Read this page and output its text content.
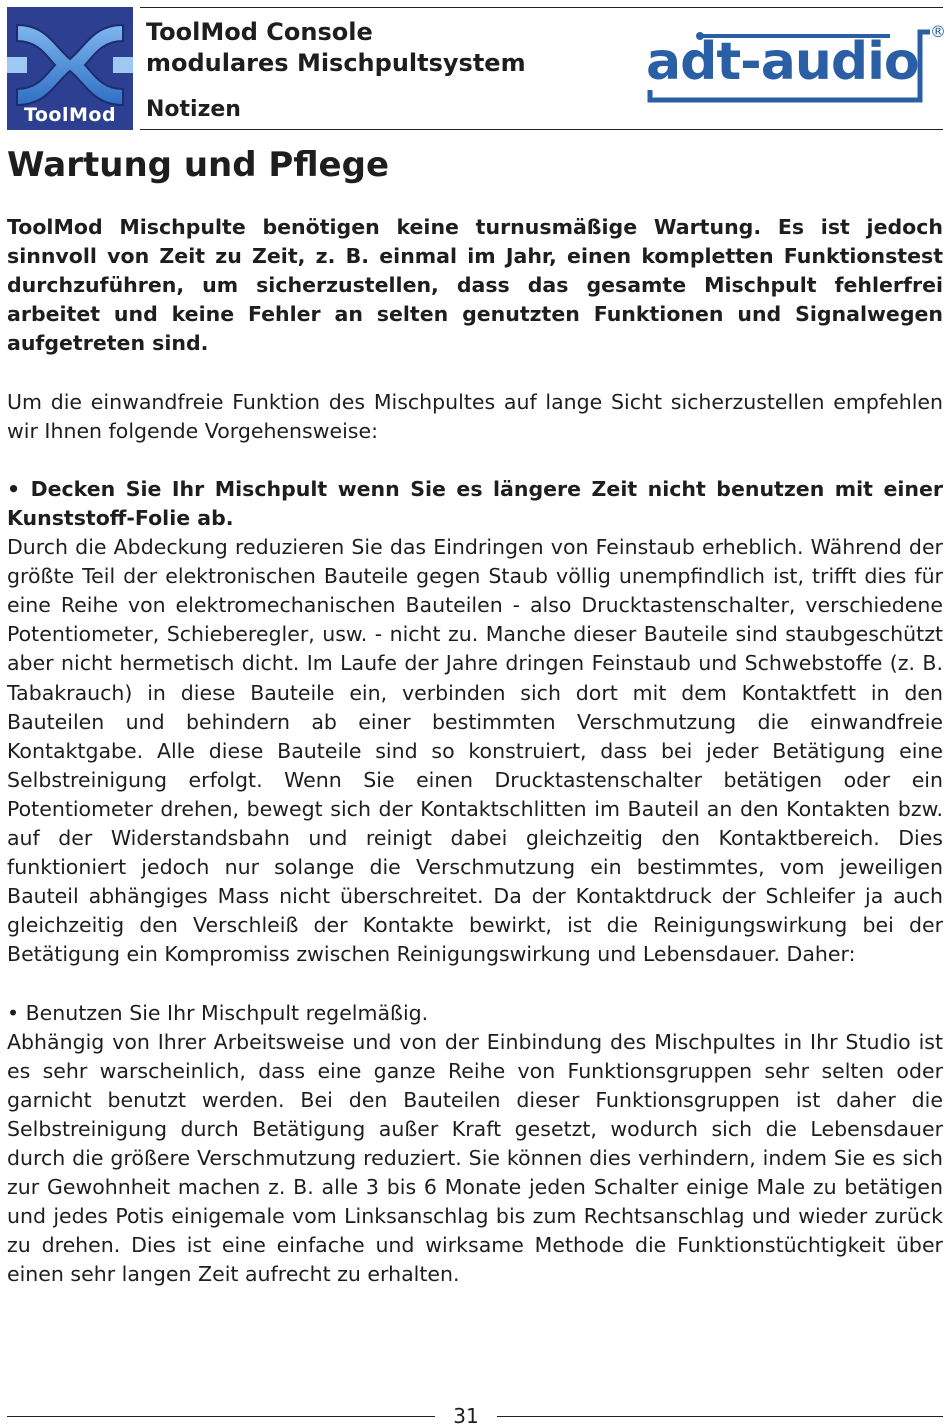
ToolMod
®
ToolMod Console
modulares Mischpultsystem
Notizen
adt-audio
®
Wartung und Pflege

ToolMod Mischpulte benötigen keine turnusmäßige Wartung. Es ist jedoch sinnvoll von Zeit zu Zeit, z. B. einmal im Jahr, einen kompletten Funktionstest durchzuführen, um sicherzustellen, dass das gesamte Mischpult fehlerfrei arbeitet und keine Fehler an selten genutzten Funktionen und Signalwegen aufgetreten sind.

Um die einwandfreie Funktion des Mischpultes auf lange Sicht sicherzustellen empfehlen wir Ihnen folgende Vorgehensweise:

• Decken Sie Ihr Mischpult wenn Sie es längere Zeit nicht benutzen mit einer Kunststoff-Folie ab.

Durch die Abdeckung reduzieren Sie das Eindringen von Feinstaub erheblich. Während der größte Teil der elektronischen Bauteile gegen Staub völlig unempfindlich ist, trifft dies für eine Reihe von elektromechanischen Bauteilen - also Drucktastenschalter, verschiedene Potentiometer, Schieberegler, usw. - nicht zu. Manche dieser Bauteile sind staubgeschützt aber nicht hermetisch dicht. Im Laufe der Jahre dringen Feinstaub und Schwebstoffe (z. B. Tabakrauch) in diese Bauteile ein, verbinden sich dort mit dem Kontaktfett in den Bauteilen und behindern ab einer bestimmten Verschmutzung die einwandfreie Kontaktgabe. Alle diese Bauteile sind so konstruiert, dass bei jeder Betätigung eine Selbstreinigung erfolgt. Wenn Sie einen Drucktastenschalter betätigen oder ein Potentiometer drehen, bewegt sich der Kontaktschlitten im Bauteil an den Kontakten bzw. auf der Widerstandsbahn und reinigt dabei gleichzeitig den Kontaktbereich. Dies funktioniert jedoch nur solange die Verschmutzung ein bestimmtes, vom jeweiligen Bauteil abhängiges Mass nicht überschreitet. Da der Kontaktdruck der Schleifer ja auch gleichzeitig den Verschleiß der Kontakte bewirkt, ist die Reinigungswirkung bei der Betätigung ein Kompromiss zwischen Reinigungswirkung und Lebensdauer. Daher:

• Benutzen Sie Ihr Mischpult regelmäßig.

Abhängig von Ihrer Arbeitsweise und von der Einbindung des Mischpultes in Ihr Studio ist es sehr warscheinlich, dass eine ganze Reihe von Funktionsgruppen sehr selten oder garnicht benutzt werden. Bei den Bauteilen dieser Funktionsgruppen ist daher die Selbstreinigung durch Betätigung außer Kraft gesetzt, wodurch sich die Lebensdauer durch die größere Verschmutzung reduziert. Sie können dies verhindern, indem Sie es sich zur Gewohnheit machen z. B. alle 3 bis 6 Monate jeden Schalter einige Male zu betätigen und jedes Potis einigemale vom Linksanschlag bis zum Rechtsanschlag und wieder zurück zu drehen. Dies ist eine einfache und wirksame Methode die Funktionstüchtigkeit über einen sehr langen Zeit aufrecht zu erhalten.

31
